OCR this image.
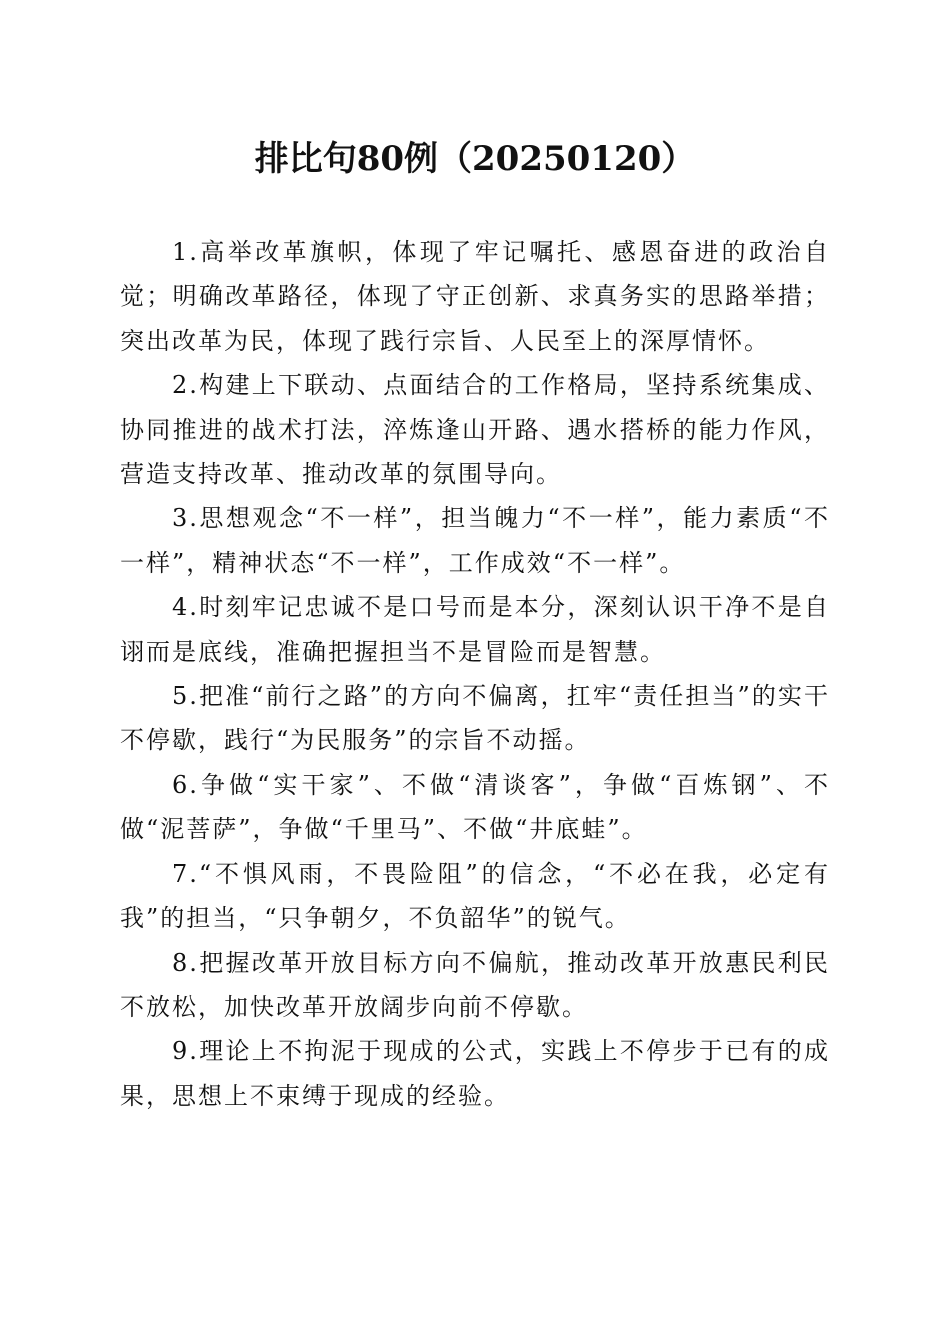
排比句80例（20250120）

1.高举改革旗帜，体现了牢记嘱托、感恩奋进的政治自觉；明确改革路径，体现了守正创新、求真务实的思路举措；突出改革为民，体现了践行宗旨、人民至上的深厚情怀。

2.构建上下联动、点面结合的工作格局，坚持系统集成、协同推进的战术打法，淬炼逢山开路、遇水搭桥的能力作风，营造支持改革、推动改革的氛围导向。

3.思想观念“不一样”，担当魄力“不一样”，能力素质“不一样”，精神状态“不一样”，工作成效“不一样”。

4.时刻牢记忠诚不是口号而是本分，深刻认识干净不是自诩而是底线，准确把握担当不是冒险而是智慧。

5.把准“前行之路”的方向不偏离，扛牢“责任担当”的实干不停歇，践行“为民服务”的宗旨不动摇。

6.争做“实干家”、不做“清谈客”，争做“百炼钢”、不做“泥菩萨”，争做“千里马”、不做“井底蛙”。

7.“不惧风雨，不畏险阻”的信念，“不必在我，必定有我”的担当，“只争朝夕，不负韶华”的锐气。

8.把握改革开放目标方向不偏航，推动改革开放惠民利民不放松，加快改革开放阔步向前不停歇。

9.理论上不拘泥于现成的公式，实践上不停步于已有的成果，思想上不束缚于现成的经验。
